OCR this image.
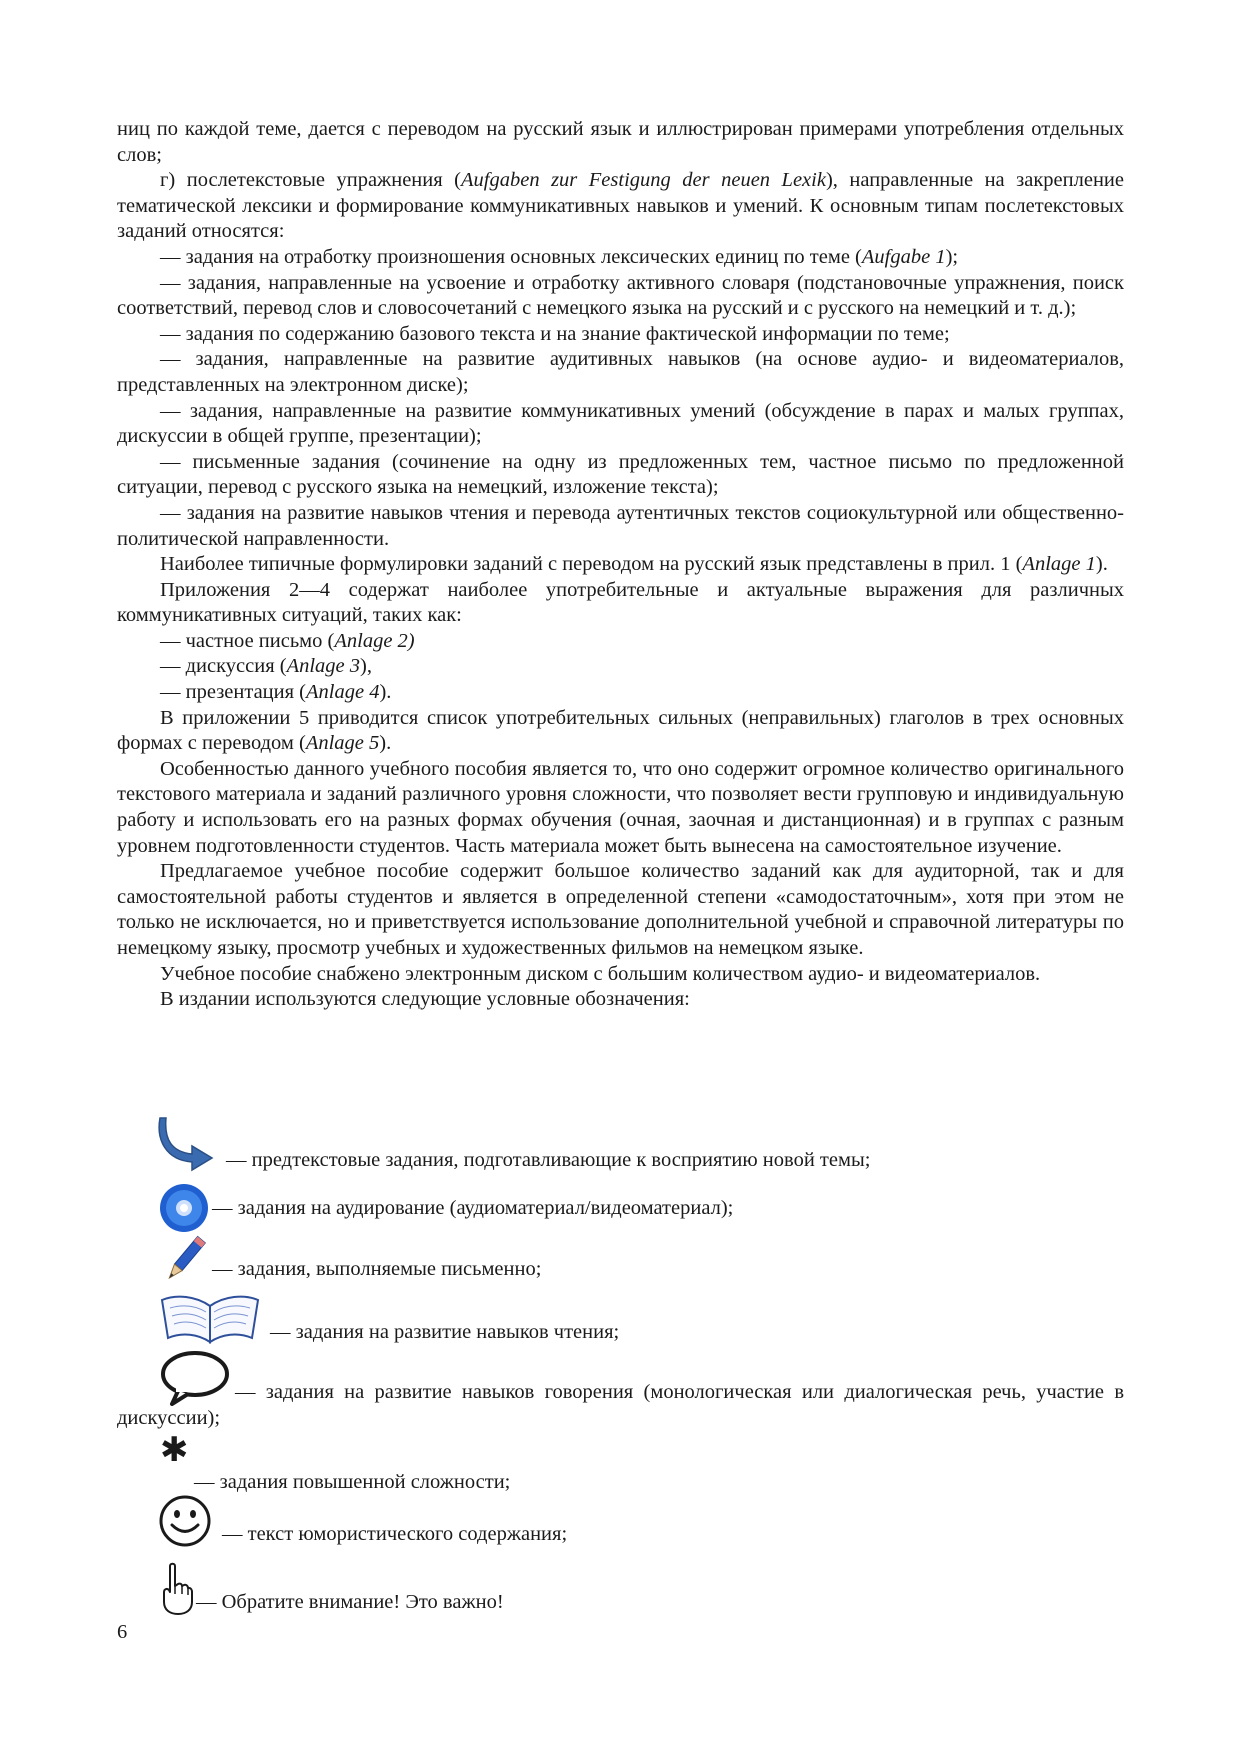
ниц по каждой теме, дается с переводом на русский язык и иллюстрирован примерами употребления отдельных слов;

г) послетекстовые упражнения (Aufgaben zur Festigung der neuen Lexik), направленные на закрепление тематической лексики и формирование коммуникативных навыков и умений. К основным типам послетекстовых заданий относятся:

— задания на отработку произношения основных лексических единиц по теме (Aufgabe 1);

— задания, направленные на усвоение и отработку активного словаря (подстановочные упражнения, поиск соответствий, перевод слов и словосочетаний с немецкого языка на русский и с русского на немецкий и т. д.);

— задания по содержанию базового текста и на знание фактической информации по теме;

— задания, направленные на развитие аудитивных навыков (на основе аудио- и видеоматериалов, представленных на электронном диске);

— задания, направленные на развитие коммуникативных умений (обсуждение в парах и малых группах, дискуссии в общей группе, презентации);

— письменные задания (сочинение на одну из предложенных тем, частное письмо по предложенной ситуации, перевод с русского языка на немецкий, изложение текста);

— задания на развитие навыков чтения и перевода аутентичных текстов социокультурной или общественно-политической направленности.

Наиболее типичные формулировки заданий с переводом на русский язык представлены в прил. 1 (Anlage 1).

Приложения 2—4 содержат наиболее употребительные и актуальные выражения для различных коммуникативных ситуаций, таких как:

— частное письмо (Anlage 2)

— дискуссия (Anlage 3),

— презентация (Anlage 4).

В приложении 5 приводится список употребительных сильных (неправильных) глаголов в трех основных формах с переводом (Anlage 5).

Особенностью данного учебного пособия является то, что оно содержит огромное количество оригинального текстового материала и заданий различного уровня сложности, что позволяет вести групповую и индивидуальную работу и использовать его на разных формах обучения (очная, заочная и дистанционная) и в группах с разным уровнем подготовленности студентов. Часть материала может быть вынесена на самостоятельное изучение.

Предлагаемое учебное пособие содержит большое количество заданий как для аудиторной, так и для самостоятельной работы студентов и является в определенной степени «самодостаточным», хотя при этом не только не исключается, но и приветствуется использование дополнительной учебной и справочной литературы по немецкому языку, просмотр учебных и художественных фильмов на немецком языке.

Учебное пособие снабжено электронным диском с большим количеством аудио- и видеоматериалов.

В издании используются следующие условные обозначения:

— предтекстовые задания, подготавливающие к восприятию новой темы;
— задания на аудирование (аудиоматериал/видеоматериал);
— задания, выполняемые письменно;
— задания на развитие навыков чтения;
— задания на развитие навыков говорения (монологическая или диалогическая речь, участие в дискуссии);
✱
— задания повышенной сложности;
— текст юмористического содержания;
— Обратите внимание! Это важно!
6
